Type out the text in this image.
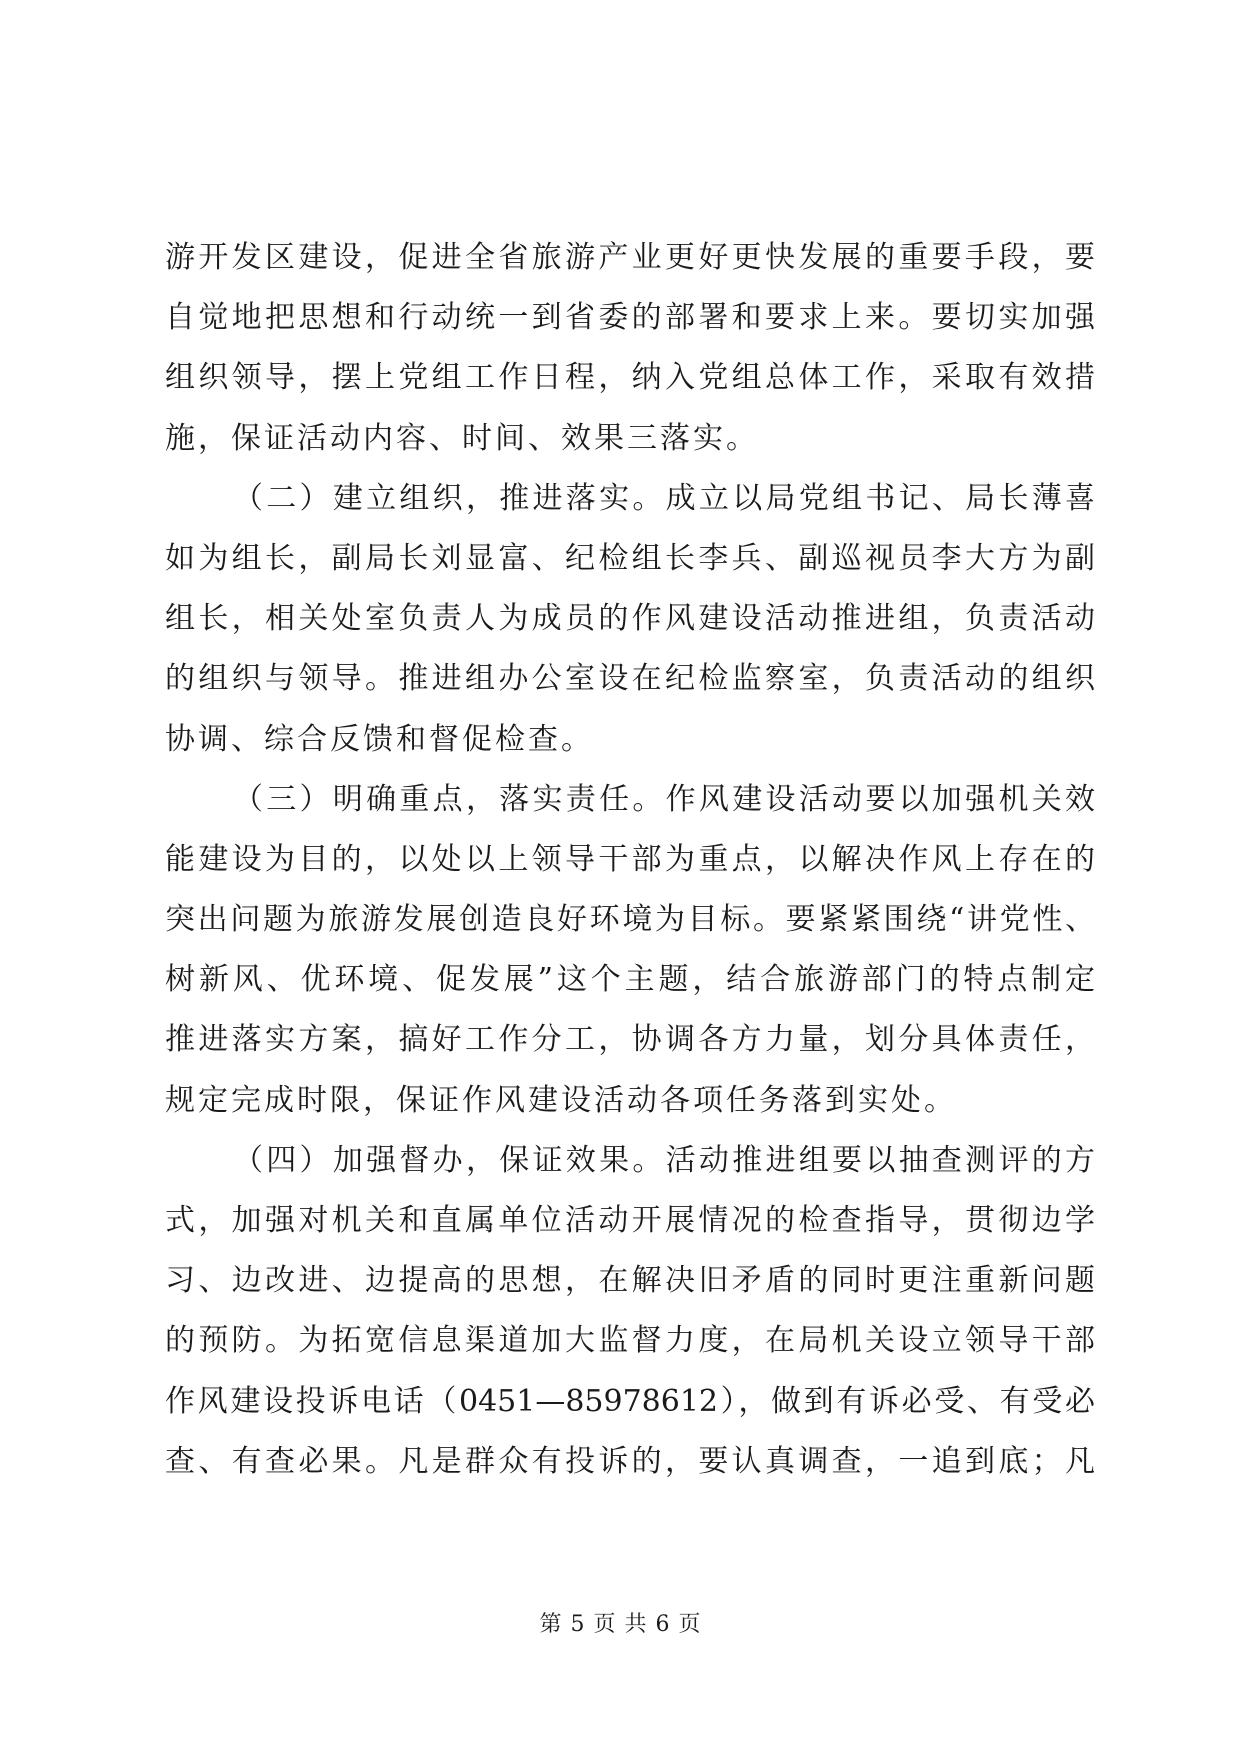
游开发区建设，促进全省旅游产业更好更快发展的重要手段，要
自觉地把思想和行动统一到省委的部署和要求上来。要切实加强
组织领导，摆上党组工作日程，纳入党组总体工作，采取有效措
施，保证活动内容、时间、效果三落实。
（二）建立组织，推进落实。成立以局党组书记、局长薄喜
如为组长，副局长刘显富、纪检组长李兵、副巡视员李大方为副
组长，相关处室负责人为成员的作风建设活动推进组，负责活动
的组织与领导。推进组办公室设在纪检监察室，负责活动的组织
协调、综合反馈和督促检查。
（三）明确重点，落实责任。作风建设活动要以加强机关效
能建设为目的，以处以上领导干部为重点，以解决作风上存在的
突出问题为旅游发展创造良好环境为目标。要紧紧围绕“讲党性、
树新风、优环境、促发展”这个主题，结合旅游部门的特点制定
推进落实方案，搞好工作分工，协调各方力量，划分具体责任，
规定完成时限，保证作风建设活动各项任务落到实处。
（四）加强督办，保证效果。活动推进组要以抽查测评的方
式，加强对机关和直属单位活动开展情况的检查指导，贯彻边学
习、边改进、边提高的思想，在解决旧矛盾的同时更注重新问题
的预防。为拓宽信息渠道加大监督力度，在局机关设立领导干部
作风建设投诉电话（0451—85978612），做到有诉必受、有受必
查、有查必果。凡是群众有投诉的，要认真调查，一追到底；凡
第 5 页 共 6 页
